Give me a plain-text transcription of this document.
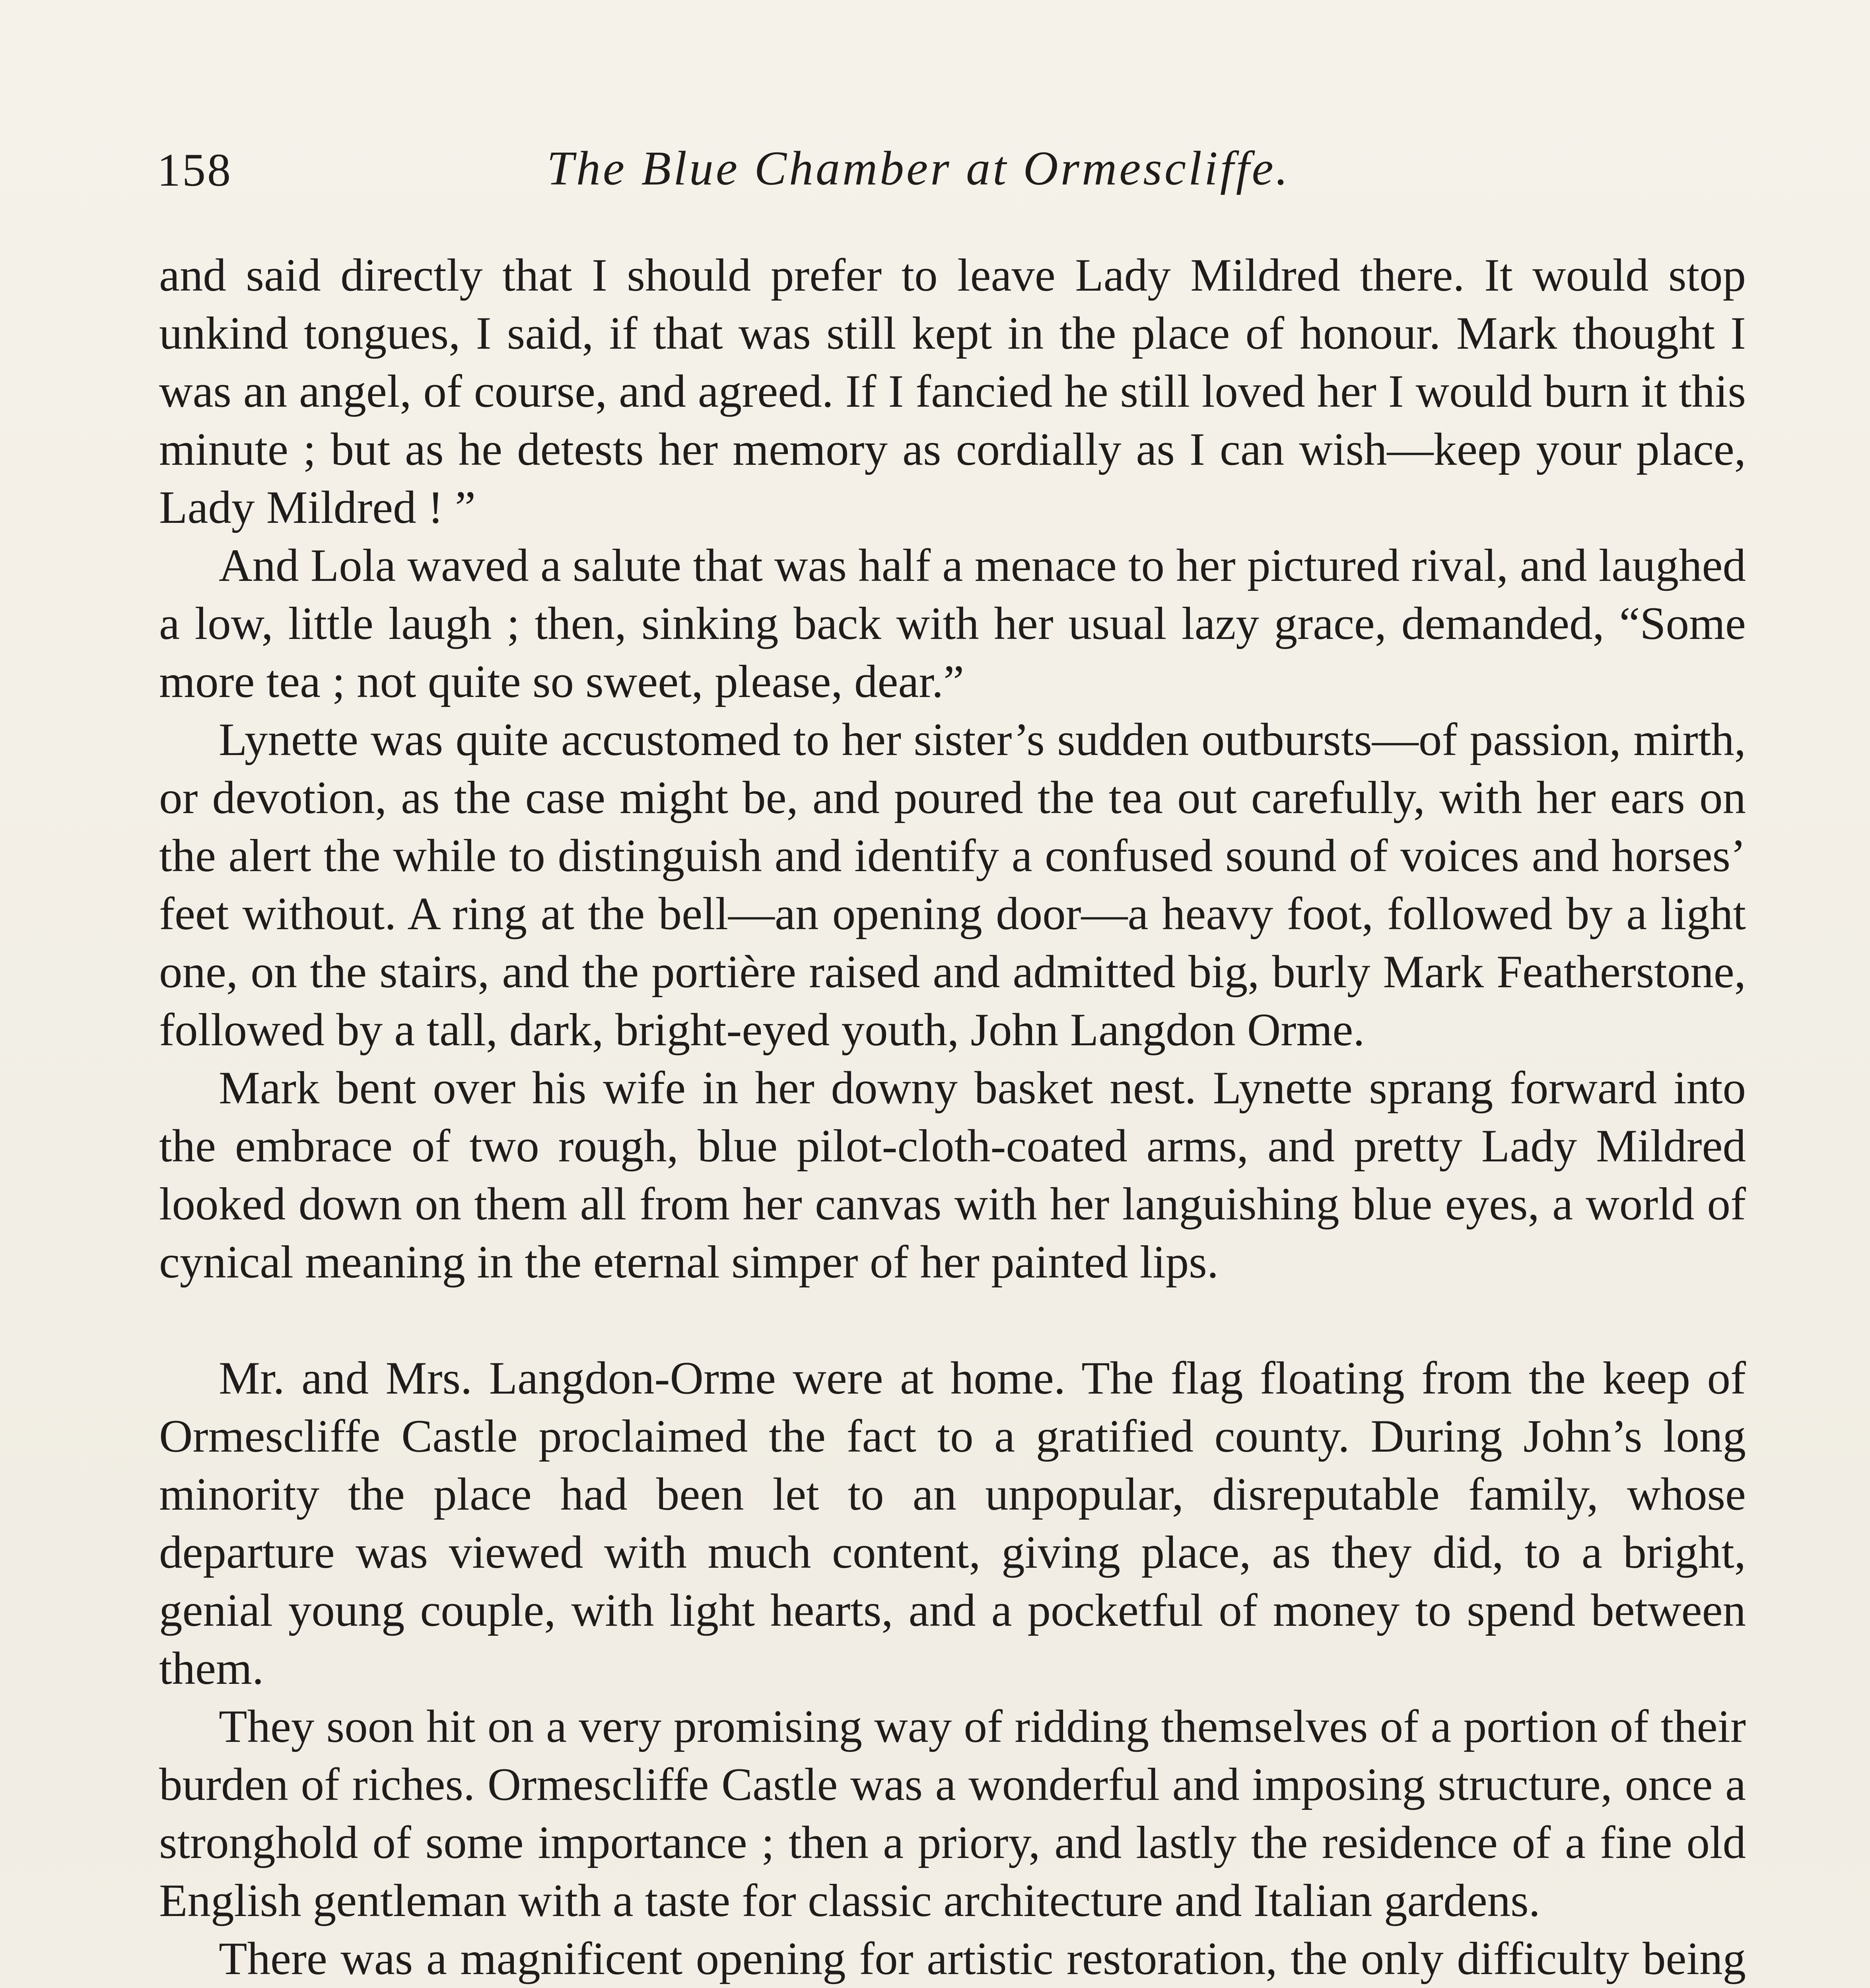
158	The Blue Chamber at Ormescliffe.

and said directly that I should prefer to leave Lady Mildred there. It would stop unkind tongues, I said, if that was still kept in the place of honour. Mark thought I was an angel, of course, and agreed. If I fancied he still loved her I would burn it this minute ; but as he detests her memory as cordially as I can wish—keep your place, Lady Mildred ! ”

And Lola waved a salute that was half a menace to her pictured rival, and laughed a low, little laugh ; then, sinking back with her usual lazy grace, demanded, “Some more tea ; not quite so sweet, please, dear.”

Lynette was quite accustomed to her sister’s sudden outbursts—of passion, mirth, or devotion, as the case might be, and poured the tea out carefully, with her ears on the alert the while to distinguish and identify a confused sound of voices and horses’ feet without. A ring at the bell—an opening door—a heavy foot, followed by a light one, on the stairs, and the portière raised and admitted big, burly Mark Featherstone, followed by a tall, dark, bright-eyed youth, John Langdon Orme.

Mark bent over his wife in her downy basket nest. Lynette sprang forward into the embrace of two rough, blue pilot-cloth-coated arms, and pretty Lady Mildred looked down on them all from her canvas with her languishing blue eyes, a world of cynical meaning in the eternal simper of her painted lips.

Mr. and Mrs. Langdon-Orme were at home. The flag floating from the keep of Ormescliffe Castle proclaimed the fact to a gratified county. During John’s long minority the place had been let to an unpopular, disreputable family, whose departure was viewed with much content, giving place, as they did, to a bright, genial young couple, with light hearts, and a pocketful of money to spend between them.

They soon hit on a very promising way of ridding themselves of a portion of their burden of riches. Ormescliffe Castle was a wonderful and imposing structure, once a stronghold of some importance ; then a priory, and lastly the residence of a fine old English gentleman with a taste for classic architecture and Italian gardens.

There was a magnificent opening for artistic restoration, the only difficulty being
